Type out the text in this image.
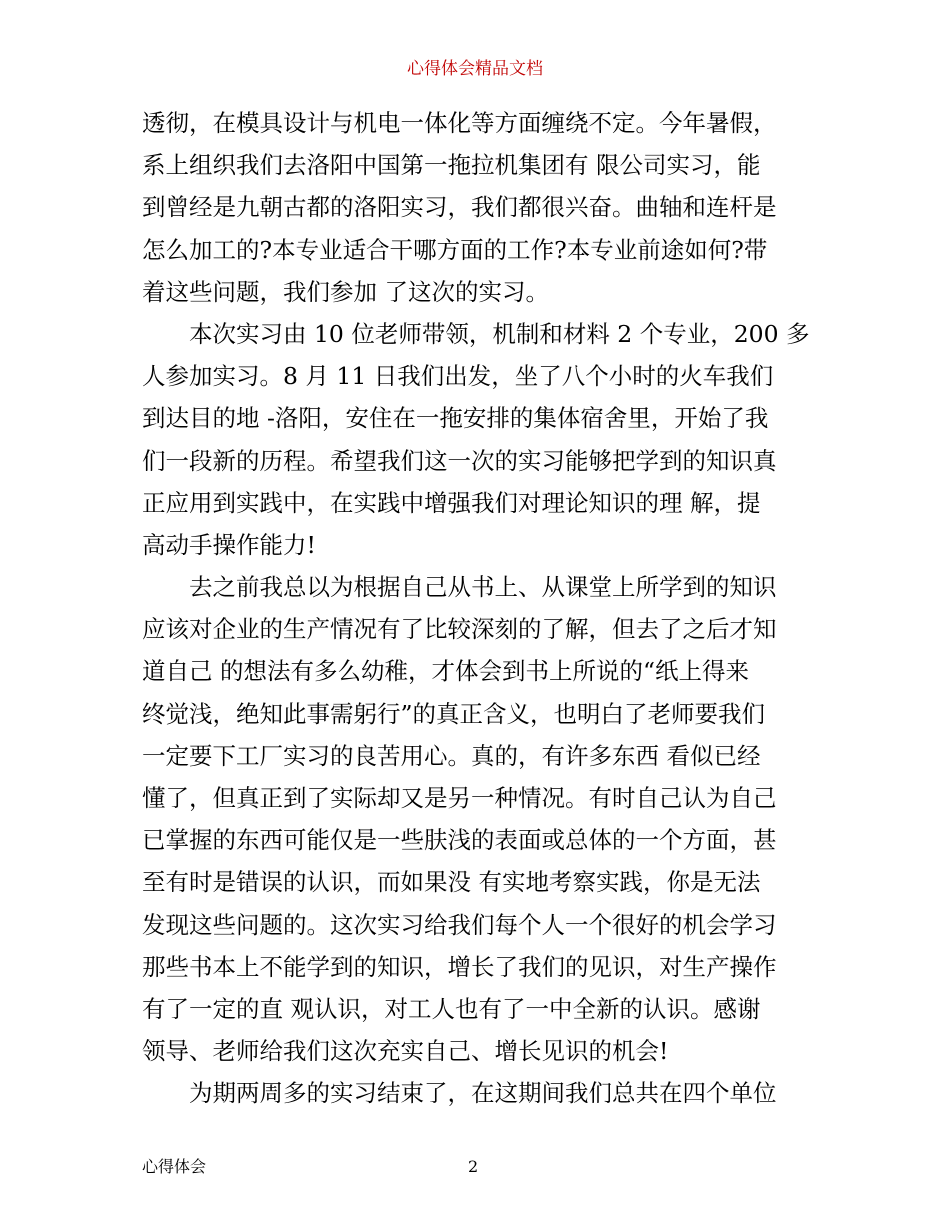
心得体会精品文档
透彻，在模具设计与机电一体化等方面缠绕不定。今年暑假，
系上组织我们去洛阳中国第一拖拉机集团有 限公司实习，能
到曾经是九朝古都的洛阳实习，我们都很兴奋。曲轴和连杆是
怎么加工的?本专业适合干哪方面的工作?本专业前途如何?带
着这些问题，我们参加 了这次的实习。
本次实习由 10 位老师带领，机制和材料 2 个专业，200 多
人参加实习。8 月 11 日我们出发，坐了八个小时的火车我们
到达目的地 -洛阳，安住在一拖安排的集体宿舍里，开始了我
们一段新的历程。希望我们这一次的实习能够把学到的知识真
正应用到实践中，在实践中增强我们对理论知识的理 解，提
高动手操作能力!
去之前我总以为根据自己从书上、从课堂上所学到的知识
应该对企业的生产情况有了比较深刻的了解，但去了之后才知
道自己 的想法有多么幼稚，才体会到书上所说的“纸上得来
终觉浅，绝知此事需躬行”的真正含义，也明白了老师要我们
一定要下工厂实习的良苦用心。真的，有许多东西 看似已经
懂了，但真正到了实际却又是另一种情况。有时自己认为自己
已掌握的东西可能仅是一些肤浅的表面或总体的一个方面，甚
至有时是错误的认识，而如果没 有实地考察实践，你是无法
发现这些问题的。这次实习给我们每个人一个很好的机会学习
那些书本上不能学到的知识，增长了我们的见识，对生产操作
有了一定的直 观认识，对工人也有了一中全新的认识。感谢
领导、老师给我们这次充实自己、增长见识的机会!
为期两周多的实习结束了，在这期间我们总共在四个单位
心得体会	2
